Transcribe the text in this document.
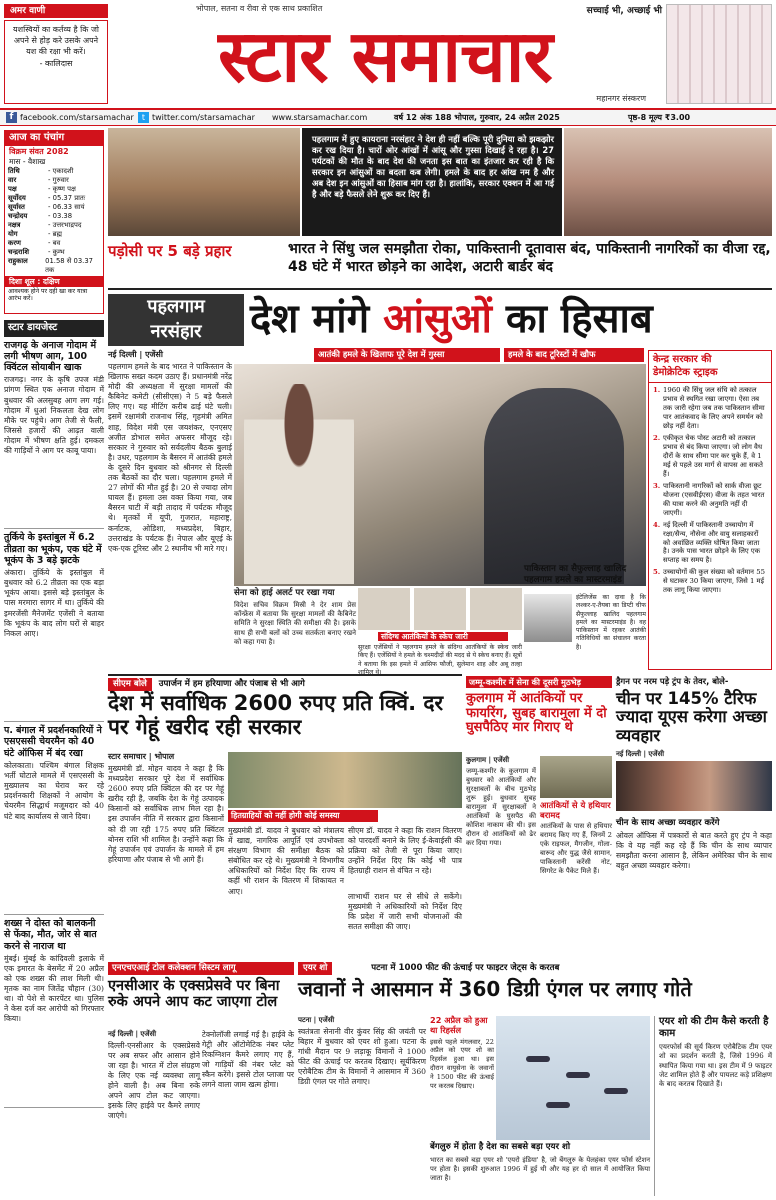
अमर वाणी
यशस्वियों का कर्तव्य है कि जो अपने से होड़ करे उसके अपने यश की रक्षा भी करें।
- कालिदास
भोपाल, सतना व रीवा से एक साथ प्रकाशित
स्टार समाचार
सच्चाई भी, अच्छाई भी
महानगर संस्करण
f facebook.com/starsamachar	t twitter.com/starsamachar	www.starsamachar.com	वर्ष 12 अंक 188 भोपाल, गुरुवार, 24 अप्रैल 2025	पृष्ठ-8 मूल्य ₹3.00
आज का पंचांग
विक्रम संवत 2082
मास - वैशाख
तिथि	- एकादशी
वार	- गुरुवार
पक्ष	- कृष्ण पक्ष
सूर्योदय	- 05.37 प्रातः
सूर्यास्त	- 06.33 सायं
चन्द्रोदय	- 03.38
नक्षत्र	- उत्तरभाद्रपद
योग	- ब्रह्म
करण	- बव
चन्द्रराशि	- कुम्भ
राहुकाल	01.58 से 03.37 तक
दिशा शूल : दक्षिण
आवश्यक होने पर दही खा कर यात्रा आरंभ करें।
स्टार डायजेस्ट
राजगढ़ के अनाज गोदाम में लगी भीषण आग, 100 क्विंटल सोयाबीन खाक
राजगढ़। नगर के कृषि उपज मंडी प्रांगण स्थित एक अनाज गोदाम में बुधवार की अलसुबह आग लग गई। गोदाम में धुआं निकलता देख लोग मौके पर पहुंचे। आग तेजी से फैली, जिससे हजारों की आढ़त वाली गोदाम में भीषण क्षति हुई। दमकल की गाड़ियों ने आग पर काबू पाया।
तुर्किये के इस्तांबुल में 6.2 तीव्रता का भूकंप, एक घंटे में भूकंप के 3 बड़े झटके
अंकारा। तुर्किये के इस्तांबुल में बुधवार को 6.2 तीव्रता का एक बड़ा भूकंप आया। इससे बड़े इस्तांबुल के पास मरमारा सागर में था। तुर्किये की इमरजेंसी मैनेजमेंट एजेंसी ने बताया कि भूकंप के बाद लोग घरों से बाहर निकल आए।
प. बंगाल में प्रदर्शनकारियों ने एसएससी चेयरमैन को 40 घंटे ऑफिस में बंद रखा
कोलकाता। पश्चिम बंगाल शिक्षक भर्ती घोटाले मामले में एसएससी के मुख्यालय का घेराव कर रहे प्रदर्शनकारी शिक्षकों ने आयोग के चेयरमैन सिद्धार्थ मजूमदार को 40 घंटे बाद कार्यालय से जाने दिया।
शख्स ने दोस्त को बालकनी से फेंका, मौत, जोर से बात करने से नाराज था
मुंबई। मुंबई के कांदिवली इलाके में एक इमारत के बेसमेंट में 20 अप्रैल को एक शख्स की लाश मिली थी। मृतक का नाम जितेंद्र चौहान (30) था। वो पेशे से कारपेंटर था। पुलिस ने केस दर्ज कर आरोपी को गिरफ्तार किया।
पहलगाम में हुए कायराना नरसंहार ने देश ही नहीं बल्कि पूरी दुनिया को झकझोर कर रख दिया है। चारों ओर आंखों में आंसू और गुस्सा दिखाई दे रहा है। 27 पर्यटकों की मौत के बाद देश की जनता इस बात का इंतजार कर रही है कि सरकार इन आंसुओं का बदला कब लेगी। हमले के बाद हर आंख नम है और अब देश इन आंसुओं का हिसाब मांग रहा है। हालांकि, सरकार एक्शन में आ गई है और बड़े फैसले लेने शुरू कर दिए हैं।
पड़ोसी पर 5 बड़े प्रहार	भारत ने सिंधु जल समझौता रोका, पाकिस्तानी दूतावास बंद, पाकिस्तानी नागरिकों का वीजा रद्द, 48 घंटे में भारत छोड़ने का आदेश, अटारी बार्डर बंद
पहलगाम
नरसंहार	देश मांगे आंसुओं का हिसाब
आतंकी हमले के खिलाफ पूरे देश में गुस्सा	हमले के बाद टूरिस्टों में खौफ
नई दिल्ली | एजेंसी
पहलगाम हमले के बाद भारत ने पाकिस्तान के खिलाफ सख्त कदम उठाए हैं। प्रधानमंत्री नरेंद्र मोदी की अध्यक्षता में सुरक्षा मामलों की कैबिनेट कमेटी (सीसीएस) ने 5 बड़े फैसले लिए गए। यह मीटिंग करीब ढाई घंटे चली। इसमें रक्षामंत्री राजनाथ सिंह, गृहमंत्री अमित शाह, विदेश मंत्री एस जयशंकर, एनएसए अजीत डोभाल समेत अफसर मौजूद रहे। सरकार ने गुरुवार को सर्वदलीय बैठक बुलाई है। उधर, पहलगाम के बैसरन में आतंकी हमले के दूसरे दिन बुधवार को श्रीनगर से दिल्ली तक बैठकों का दौर चला। पहलगाम हमले में 27 लोगों की मौत हुई है। 20 से ज्यादा लोग घायल हैं। हमला उस वक्त किया गया, जब बैसरन घाटी में बड़ी तादाद में पर्यटक मौजूद थे। मृतकों में यूपी, गुजरात, महाराष्ट्र, कर्नाटक, ओडिशा, मध्यप्रदेश, बिहार, उत्तराखंड के पर्यटक हैं। नेपाल और यूएई के एक-एक टूरिस्ट और 2 स्थानीय भी मारे गए।
सेना को हाई अलर्ट पर रखा गया
विदेश सचिव विक्रम मिस्री ने देर शाम प्रेस कॉन्फ्रेंस में बताया कि सुरक्षा मामलों की कैबिनेट समिति ने सुरक्षा स्थिति की समीक्षा की है। इसके साथ ही सभी बलों को उच्च सतर्कता बनाए रखने को कहा गया है।
संदिग्ध आतंकियों के स्केच जारी
सुरक्षा एजेंसियों ने पहलगाम हमले के संदिग्ध आतंकियों के स्केच जारी किए हैं। एजेंसियों ने हमले के चश्मदीदों की मदद से ये स्केच बनाए हैं। सूत्रों ने बताया कि इस हमले में आसिफ फौजी, सुलेमान शाह और अबू तल्हा शामिल थे।
पाकिस्तान का सैफुल्लाह खालिद पहलगाम हमले का मास्टरमाइंड
इंटेलिजेंस का दावा है कि लश्कर-ए-तैयबा का डिप्टी चीफ सैफुल्लाह खालिद पहलगाम हमले का मास्टरमाइंड है। वह पाकिस्तान में रहकर आतंकी गतिविधियों का संचालन करता है।
केन्द्र सरकार की
डेमोक्रेटिक स्ट्राइक
1. 1960 की सिंधु जल संधि को तत्काल प्रभाव से स्थगित रखा जाएगा। ऐसा तब तक जारी रहेगा जब तक पाकिस्तान सीमा पार आतंकवाद के लिए अपने समर्थन को छोड़ नहीं देता।
2. एकीकृत चेक पोस्ट अटारी को तत्काल प्रभाव से बंद किया जाएगा। जो लोग वैध दौरों के साथ सीमा पार कर चुके हैं, वे 1 मई से पहले उस मार्ग से वापस आ सकते हैं।
3. पाकिस्तानी नागरिकों को सार्क वीजा छूट योजना (एसवीईएस) वीजा के तहत भारत की यात्रा करने की अनुमति नहीं दी जाएगी।
4. नई दिल्ली में पाकिस्तानी उच्चायोग में रक्षा/सैन्य, नौसेना और वायु सलाहकारों को अवांछित व्यक्ति घोषित किया जाता है। उनके पास भारत छोड़ने के लिए एक सप्ताह का समय है।
5. उच्चायोगों की कुल संख्या को वर्तमान 55 से घटाकर 30 किया जाएगा, जिसे 1 मई तक लागू किया जाएगा।
सीएम बोले उपार्जन में हम हरियाणा और पंजाब से भी आगे
देश में सर्वाधिक 2600 रुपए प्रति क्विं. दर पर गेहूं खरीद रही सरकार
स्टार समाचार | भोपाल
मुख्यमंत्री डॉ. मोहन यादव ने कहा है कि मध्यप्रदेश सरकार पूरे देश में सर्वाधिक 2600 रुपए प्रति क्विंटल की दर पर गेहूं खरीद रही है, जबकि देश के गेहूं उत्पादक किसानों को सर्वाधिक लाभ मिल रहा है। इस उपार्जन नीति में सरकार द्वारा किसानों को दी जा रही 175 रुपए प्रति क्विंटल बोनस राशि भी शामिल है। उन्होंने कहा कि गेहूं उपार्जन एवं उपार्जन के मामले में हम हरियाणा और पंजाब से भी आगे हैं।
हितग्राहियों को नहीं होगी कोई समस्या
मुख्यमंत्री डॉ. यादव ने बुधवार को मंत्रालय में खाद्य, नागरिक आपूर्ति एवं उपभोक्ता संरक्षण विभाग की समीक्षा बैठक को संबोधित कर रहे थे। मुख्यमंत्री ने विभागीय अधिकारियों को निर्देश दिए कि राज्य में कहीं भी राशन के वितरण में शिकायत न आए।
सीएम डॉ. यादव ने कहा कि राशन वितरण को पारदर्शी बनाने के लिए ई-केवाईसी की प्रक्रिया को तेजी से पूरा किया जाए। उन्होंने निर्देश दिए कि कोई भी पात्र हितग्राही राशन से वंचित न रहे।
लाभार्थी राशन घर से सीधे ले सकेंगे। मुख्यमंत्री ने अधिकारियों को निर्देश दिए कि प्रदेश में जारी सभी योजनाओं की सतत समीक्षा की जाए।
जम्मू-कश्मीर में सेना की दूसरी मुठभेड़
कुलगाम में आतंकियों पर फायरिंग, सुबह बारामुला में दो घुसपैठिए मार गिराए थे
कुलगाम | एजेंसी
जम्मू-कश्मीर के कुलगाम में बुधवार को आतंकियों और सुरक्षाबलों के बीच मुठभेड़ शुरू हुई। बुधवार सुबह बारामुला में सुरक्षाबलों ने आतंकियों के घुसपैठ की कोशिश नाकाम की थी। इस दौरान दो आतंकियों को ढेर कर दिया गया।
आतंकियों से ये हथियार बरामद
आतंकियों के पास से हथियार बरामद किए गए हैं, जिनमें 2 एके राइफल, मैगजीन, गोला-बारूद और युद्ध जैसे सामान, पाकिस्तानी करेंसी नोट, सिगरेट के पैकेट मिले हैं।
ड्रैगन पर नरम पड़े ट्रंप के तेवर, बोले-
चीन पर 145% टैरिफ ज्यादा यूएस करेगा अच्छा व्यवहार
नई दिल्ली | एजेंसी
चीन के साथ अच्छा व्यवहार करेंगे
ओवल ऑफिस में पत्रकारों से बात करते हुए ट्रंप ने कहा कि वे यह नहीं कह रहे हैं कि चीन के साथ व्यापार समझौता करना आसान है, लेकिन अमेरिका चीन के साथ बहुत अच्छा व्यवहार करेगा।
एनएचएआई टोल कलेक्शन सिस्टम लागू
एनसीआर के एक्सप्रेसवे पर बिना रुके अपने आप कट जाएगा टोल
नई दिल्ली | एजेंसी
दिल्ली-एनसीआर के एक्सप्रेसवे पर अब सफर और आसान होने जा रहा है। भारत में टोल संग्रहण के लिए एक नई व्यवस्था लागू होने वाली है। अब बिना रुके अपने आप टोल कट जाएगा। इसके लिए हाईवे पर कैमरे लगाए जाएंगे।
टेक्नोलॉजी लगाई गई है। हाईवे के गेट्री और ऑटोमेटिक नंबर प्लेट रिकग्निशन कैमरे लगाए गए हैं, जो गाड़ियों की नंबर प्लेट को स्कैन करेंगे। इससे टोल प्लाजा पर लगने वाला जाम खत्म होगा।
एयर शो	पटना में 1000 फीट की ऊंचाई पर फाइटर जेट्स के करतब
जवानों ने आसमान में 360 डिग्री एंगल पर लगाए गोते
पटना | एजेंसी
स्वतंत्रता सेनानी वीर कुंवर सिंह की जयंती पर बिहार में बुधवार को एयर शो हुआ। पटना के गांधी मैदान पर 9 लड़ाकू विमानों ने 1000 फीट की ऊंचाई पर करतब दिखाए। सूर्यकिरण एरोबैटिक टीम के विमानों ने आसमान में 360 डिग्री एंगल पर गोते लगाए।
22 अप्रैल को हुआ था रिहर्सल
इससे पहले मंगलवार, 22 अप्रैल को एयर शो का रिहर्सल हुआ था। इस दौरान वायुसेना के जवानों ने 1500 फीट की ऊंचाई पर करतब दिखाए।
बेंगलुरु में होता है देश का सबसे बड़ा एयर शो
भारत का सबसे बड़ा एयर शो 'एयरो इंडिया' है, जो बेंगलुरु के येलहंका एयर फोर्स स्टेशन पर होता है। इसकी शुरुआत 1996 में हुई थी और यह हर दो साल में आयोजित किया जाता है।
एयर शो की टीम कैसे करती है काम
एयरफोर्स की सूर्य किरण एरोबैटिक टीम एयर शो का प्रदर्शन करती है, जिसे 1996 में स्थापित किया गया था। इस टीम में 9 फाइटर जेट शामिल होते हैं और पायलट कड़े प्रशिक्षण के बाद करतब दिखाते हैं।
